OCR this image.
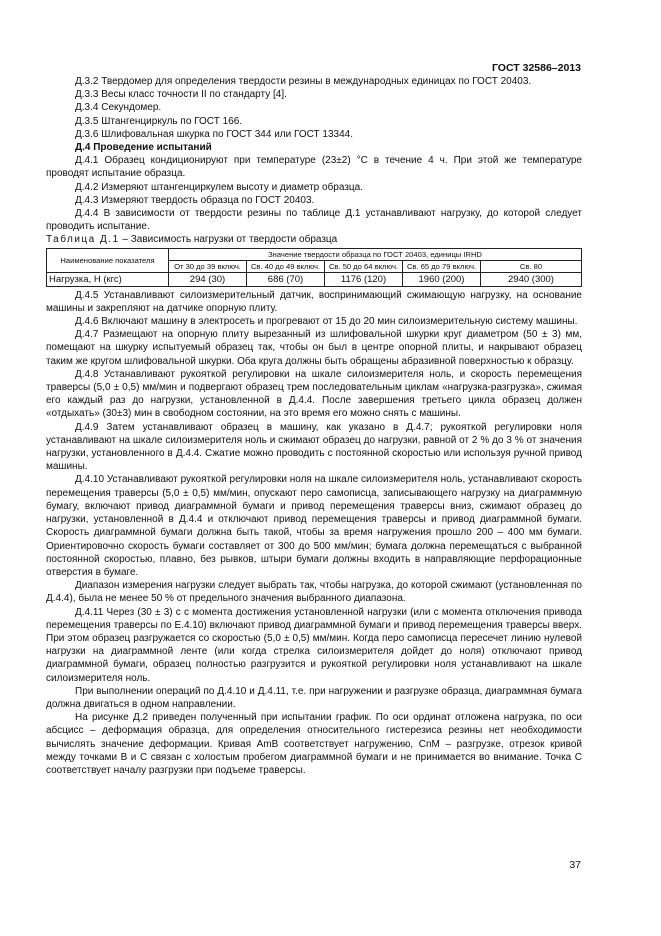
ГОСТ 32586–2013

Д.3.2 Твердомер для определения твердости резины в международных единицах по ГОСТ 20403.

Д.3.3 Весы класс точности II по стандарту [4].

Д.3.4 Секундомер.

Д.3.5 Штангенциркуль по ГОСТ 166.

Д.3.6 Шлифовальная шкурка по ГОСТ 344 или ГОСТ 13344.

Д.4 Проведение испытаний

Д.4.1 Образец кондиционируют при температуре (23±2) °С в течение 4 ч. При этой же температуре проводят испытание образца.

Д.4.2 Измеряют штангенциркулем высоту и диаметр образца.

Д.4.3 Измеряют твердость образца по ГОСТ 20403.

Д.4.4 В зависимости от твердости резины по таблице Д.1 устанавливают нагрузку, до которой следует проводить испытание.

Таблица Д.1 – Зависимость нагрузки от твердости образца

Наименование показателя	Значение твердости образца по ГОСТ 20403, единицы IRHD				
	От 30 до 39 включ.	Св. 40 до 49 включ.	Св. 50 до 64 включ.	Св. 65 до 79 включ.	Св. 80
Нагрузка, Н (кгс)	294 (30)	686 (70)	1176 (120)	1960 (200)	2940 (300)

Д.4.5 Устанавливают силоизмерительный датчик, воспринимающий сжимающую нагрузку, на основание машины и закрепляют на датчике опорную плиту.

Д.4.6 Включают машину в электросеть и прогревают от 15 до 20 мин силоизмерительную систему машины.

Д.4.7 Размещают на опорную плиту вырезанный из шлифовальной шкурки круг диаметром (50 ± 3) мм, помещают на шкурку испытуемый образец так, чтобы он был в центре опорной плиты, и накрывают образец таким же кругом шлифовальной шкурки. Оба круга должны быть обращены абразивной поверхностью к образцу.

Д.4.8 Устанавливают рукояткой регулировки на шкале силоизмерителя ноль, и скорость перемещения траверсы (5,0 ± 0,5) мм/мин и подвергают образец трем последовательным циклам «нагрузка-разгрузка», сжимая его каждый раз до нагрузки, установленной в Д.4.4. После завершения третьего цикла образец должен «отдыхать» (30±3) мин в свободном состоянии, на это время его можно снять с машины.

Д.4.9 Затем устанавливают образец в машину, как указано в Д.4.7; рукояткой регулировки ноля устанавливают на шкале силоизмерителя ноль и сжимают образец до нагрузки, равной от 2 % до 3 % от значения нагрузки, установленного в Д.4.4. Сжатие можно проводить с постоянной скоростью или используя ручной привод машины.

Д.4.10 Устанавливают рукояткой регулировки ноля на шкале силоизмерителя ноль, устанавливают скорость перемещения траверсы (5,0 ± 0,5) мм/мин, опускают перо самописца, записывающего нагрузку на диаграммную бумагу, включают привод диаграммной бумаги и привод перемещения траверсы вниз, сжимают образец до нагрузки, установленной в Д.4.4 и отключают привод перемещения траверсы и привод диаграммной бумаги. Скорость диаграммной бумаги должна быть такой, чтобы за время нагружения прошло 200 – 400 мм бумаги. Ориентировочно скорость бумаги составляет от 300 до 500 мм/мин; бумага должна перемещаться с выбранной постоянной скоростью, плавно, без рывков, штыри бумаги должны входить в направляющие перфорационные отверстия в бумаге.

Диапазон измерения нагрузки следует выбрать так, чтобы нагрузка, до которой сжимают (установленная по Д.4.4), была не менее 50 % от предельного значения выбранного диапазона.

Д.4.11 Через (30 ± 3) с с момента достижения установленной нагрузки (или с момента отключения привода перемещения траверсы по Е.4.10) включают привод диаграммной бумаги и привод перемещения траверсы вверх. При этом образец разгружается со скоростью (5,0 ± 0,5) мм/мин. Когда перо самописца пересечет линию нулевой нагрузки на диаграммной ленте (или когда стрелка силоизмерителя дойдет до ноля) отключают привод диаграммной бумаги, образец полностью разгрузится и рукояткой регулировки ноля устанавливают на шкале силоизмерителя ноль.

При выполнении операций по Д.4.10 и Д.4.11, т.е. при нагружении и разгрузке образца, диаграммная бумага должна двигаться в одном направлении.

На рисунке Д.2 приведен полученный при испытании график. По оси ординат отложена нагрузка, по оси абсцисс – деформация образца, для определения относительного гистерезиса резины нет необходимости вычислять значение деформации. Кривая АmВ соответствует нагружению, СnМ – разгрузке, отрезок кривой между точками В и С связан с холостым пробегом диаграммной бумаги и не принимается во внимание. Точка С соответствует началу разгрузки при подъеме траверсы.

37
